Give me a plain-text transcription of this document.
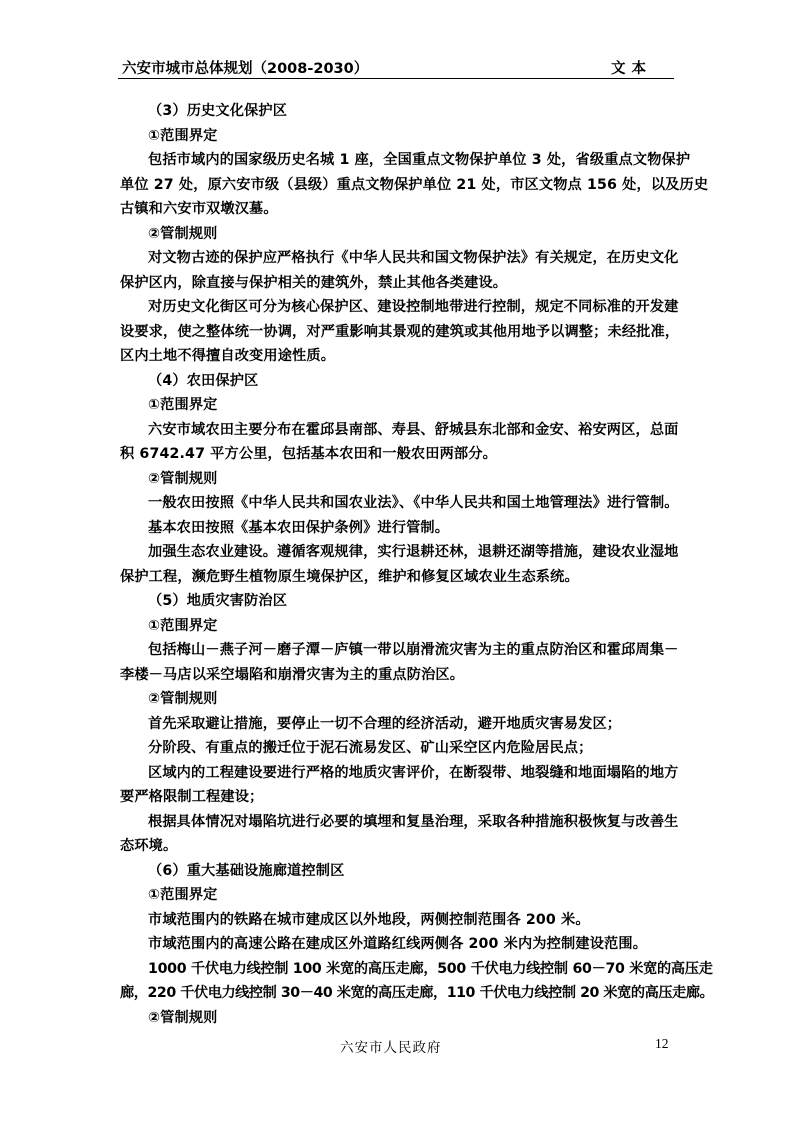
六安市城市总体规划（2008-2030）	文本
（3）历史文化保护区
①范围界定
包括市域内的国家级历史名城 1 座，全国重点文物保护单位 3 处，省级重点文物保护
单位 27 处，原六安市级（县级）重点文物保护单位 21 处，市区文物点 156 处，以及历史
古镇和六安市双墩汉墓。
②管制规则
对文物古迹的保护应严格执行《中华人民共和国文物保护法》有关规定，在历史文化
保护区内，除直接与保护相关的建筑外，禁止其他各类建设。
对历史文化街区可分为核心保护区、建设控制地带进行控制，规定不同标准的开发建
设要求，使之整体统一协调，对严重影响其景观的建筑或其他用地予以调整；未经批准，
区内土地不得擅自改变用途性质。
（4）农田保护区
①范围界定
六安市域农田主要分布在霍邱县南部、寿县、舒城县东北部和金安、裕安两区，总面
积 6742.47 平方公里，包括基本农田和一般农田两部分。
②管制规则
一般农田按照《中华人民共和国农业法》、《中华人民共和国土地管理法》进行管制。
基本农田按照《基本农田保护条例》进行管制。
加强生态农业建设。遵循客观规律，实行退耕还林，退耕还湖等措施，建设农业湿地
保护工程，濒危野生植物原生境保护区，维护和修复区域农业生态系统。
（5）地质灾害防治区
①范围界定
包括梅山－燕子河－磨子潭－庐镇一带以崩滑流灾害为主的重点防治区和霍邱周集－
李楼－马店以采空塌陷和崩滑灾害为主的重点防治区。
②管制规则
首先采取避让措施，要停止一切不合理的经济活动，避开地质灾害易发区；
分阶段、有重点的搬迁位于泥石流易发区、矿山采空区内危险居民点；
区域内的工程建设要进行严格的地质灾害评价，在断裂带、地裂缝和地面塌陷的地方
要严格限制工程建设；
根据具体情况对塌陷坑进行必要的填埋和复垦治理，采取各种措施积极恢复与改善生
态环境。
（6）重大基础设施廊道控制区
①范围界定
市域范围内的铁路在城市建成区以外地段，两侧控制范围各 200 米。
市域范围内的高速公路在建成区外道路红线两侧各 200 米内为控制建设范围。
1000 千伏电力线控制 100 米宽的高压走廊，500 千伏电力线控制 60－70 米宽的高压走
廊，220 千伏电力线控制 30－40 米宽的高压走廊，110 千伏电力线控制 20 米宽的高压走廊。
②管制规则
六安市人民政府	12
